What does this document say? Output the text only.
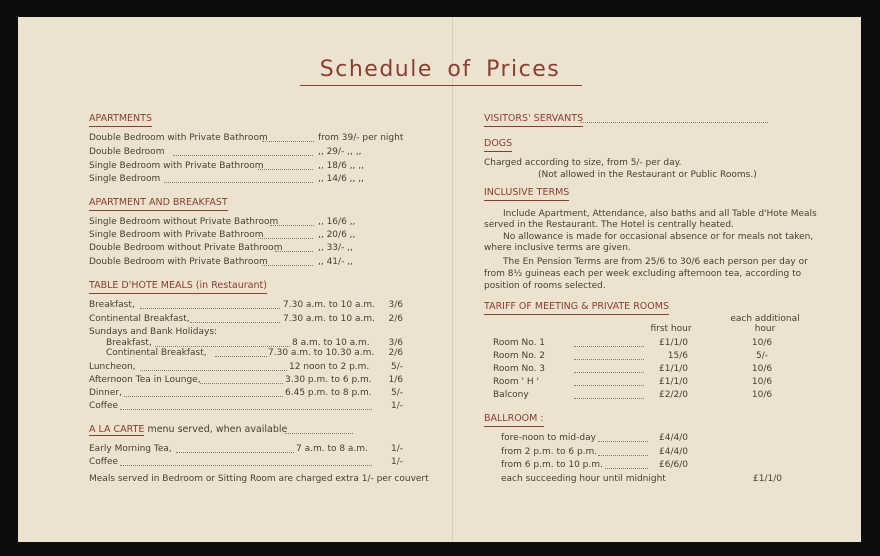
Schedule of Prices
APARTMENTS
Double Bedroom with Private Bathroom	from 39/- per night
Double Bedroom	,, 29/- ,, ,,
Single Bedroom with Private Bathroom	,, 18/6 ,, ,,
Single Bedroom	,, 14/6 ,, ,,
APARTMENT AND BREAKFAST
Single Bedroom without Private Bathroom	,, 16/6 ,,
Single Bedroom with Private Bathroom	,, 20/6 ,,
Double Bedroom without Private Bathroom	,, 33/- ,,
Double Bedroom with Private Bathroom	,, 41/- ,,
TABLE D'HOTE MEALS (in Restaurant)
Breakfast,	7.30 a.m. to 10 a.m.	3/6
Continental Breakfast,	7.30 a.m. to 10 a.m.	2/6
Sundays and Bank Holidays:
Breakfast,	8 a.m. to 10 a.m.	3/6
Continental Breakfast,	7.30 a.m. to 10.30 a.m.	2/6
Luncheon,	12 noon to 2 p.m.	5/-
Afternoon Tea in Lounge,	3.30 p.m. to 6 p.m.	1/6
Dinner,	6.45 p.m. to 8 p.m.	5/-
Coffee	1/-
A LA CARTE menu served, when available
Early Morning Tea,	7 a.m. to 8 a.m.	1/-
Coffee	1/-
Meals served in Bedroom or Sitting Room are charged extra 1/- per couvert
VISITORS' SERVANTS
DOGS
Charged according to size, from 5/- per day.
(Not allowed in the Restaurant or Public Rooms.)
INCLUSIVE TERMS
Include Apartment, Attendance, also baths and all Table d'Hote Meals
served in the Restaurant. The Hotel is centrally heated.
No allowance is made for occasional absence or for meals not taken,
where inclusive terms are given.
The En Pension Terms are from 25/6 to 30/6 each person per day or
from 8½ guineas each per week excluding afternoon tea, according to
position of rooms selected.
TARIFF OF MEETING & PRIVATE ROOMS
each additional
first hour	hour
Room No. 1	£1/1/0	10/6
Room No. 2	15/6	5/-
Room No. 3	£1/1/0	10/6
Room ' H '	£1/1/0	10/6
Balcony	£2/2/0	10/6
BALLROOM :
fore-noon to mid-day	£4/4/0
from 2 p.m. to 6 p.m.	£4/4/0
from 6 p.m. to 10 p.m.	£6/6/0
each succeeding hour until midnight	£1/1/0
